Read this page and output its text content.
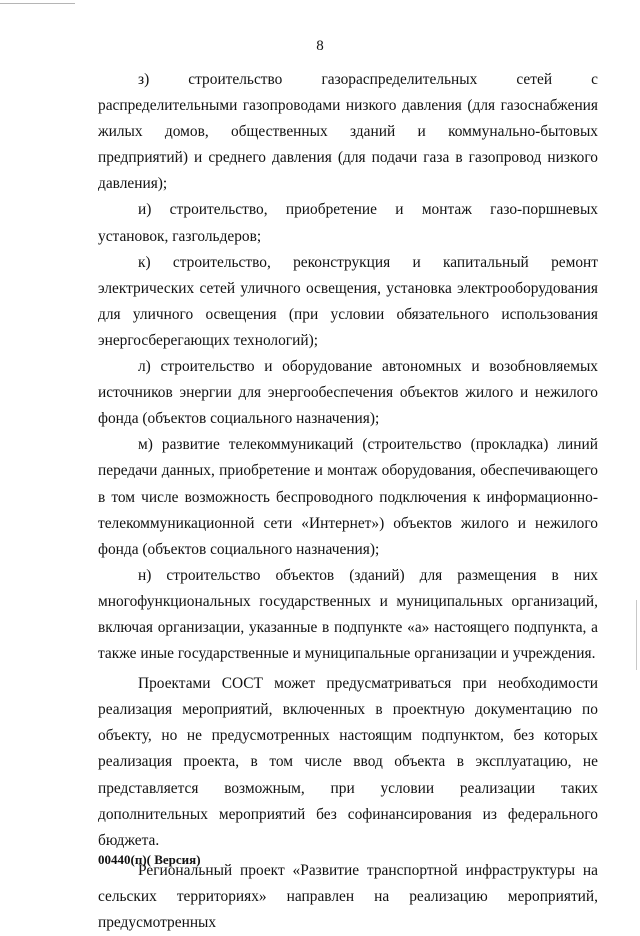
8

з) строительство газораспределительных сетей с распределительными газопроводами низкого давления (для газоснабжения жилых домов, общественных зданий и коммунально-бытовых предприятий) и среднего давления (для подачи газа в газопровод низкого давления);

и) строительство, приобретение и монтаж газо-поршневых установок, газгольдеров;

к) строительство, реконструкция и капитальный ремонт электрических сетей уличного освещения, установка электрооборудования для уличного освещения (при условии обязательного использования энергосберегающих технологий);

л) строительство и оборудование автономных и возобновляемых источников энергии для энергообеспечения объектов жилого и нежилого фонда (объектов социального назначения);

м) развитие телекоммуникаций (строительство (прокладка) линий передачи данных, приобретение и монтаж оборудования, обеспечивающего в том числе возможность беспроводного подключения к информационно-телекоммуникационной сети «Интернет») объектов жилого и нежилого фонда (объектов социального назначения);

н) строительство объектов (зданий) для размещения в них многофункциональных государственных и муниципальных организаций, включая организации, указанные в подпункте «а» настоящего подпункта, а также иные государственные и муниципальные организации и учреждения.

Проектами СОСТ может предусматриваться при необходимости реализация мероприятий, включенных в проектную документацию по объекту, но не предусмотренных настоящим подпунктом, без которых реализация проекта, в том числе ввод объекта в эксплуатацию, не представляется возможным, при условии реализации таких дополнительных мероприятий без софинансирования из федерального бюджета.

Региональный проект «Развитие транспортной инфраструктуры на сельских территориях» направлен на реализацию мероприятий, предусмотренных

00440(п)( Версия)
